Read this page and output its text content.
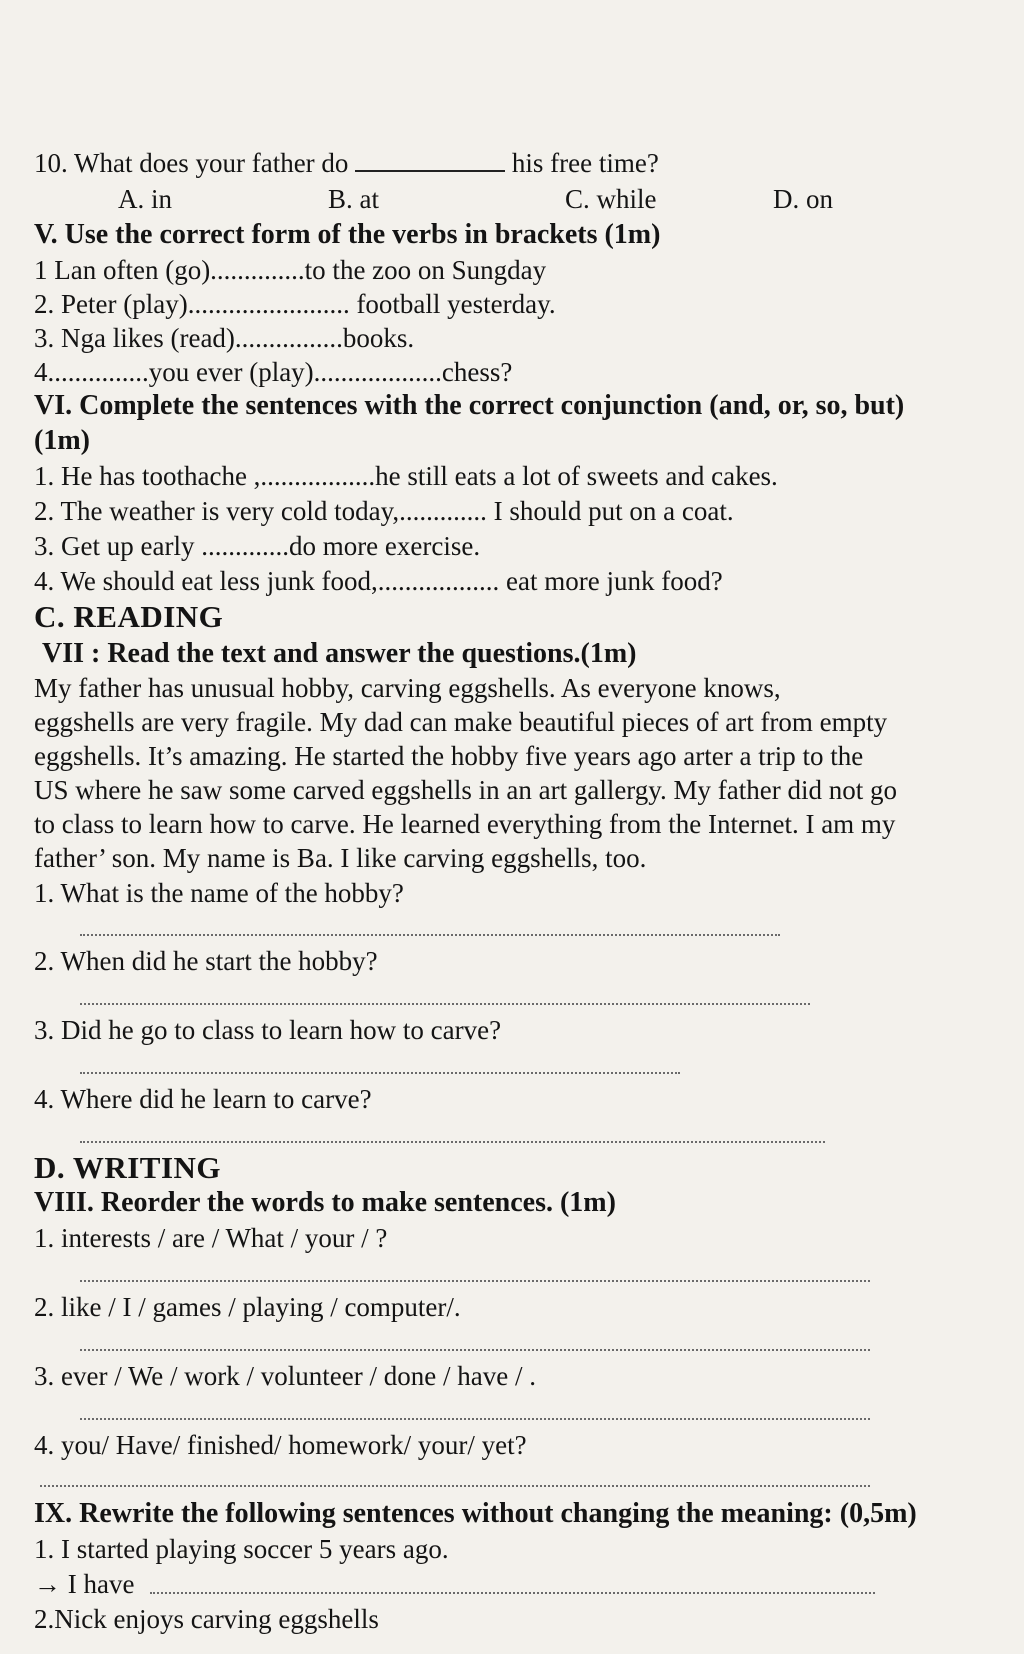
10. What does your father do	his free time?
A. in	B. at	C. while	D. on
V. Use the correct form of the verbs in brackets (1m)
1 Lan often (go)..............to the zoo on Sungday
2. Peter (play)........................ football yesterday.
3. Nga likes (read)................books.
4...............you ever (play)...................chess?
VI. Complete the sentences with the correct conjunction (and, or, so, but)
(1m)
1. He has toothache ,.................he still eats a lot of sweets and cakes.
2. The weather is very cold today,............. I should put on a coat.
3. Get up early .............do more exercise.
4. We should eat less junk food,.................. eat more junk food?
C. READING
VII : Read the text and answer the questions.(1m)
My father has unusual hobby, carving eggshells. As everyone knows,
eggshells are very fragile. My dad can make beautiful pieces of art from empty
eggshells. It’s amazing. He started the hobby five years ago arter a trip to the
US where he saw some carved eggshells in an art gallergy. My father did not go
to class to learn how to carve. He learned everything from the Internet. I am my
father’ son. My name is Ba. I like carving eggshells, too.
1. What is the name of the hobby?
2. When did he start the hobby?
3. Did he go to class to learn how to carve?
4. Where did he learn to carve?
D. WRITING
VIII. Reorder the words to make sentences. (1m)
1. interests / are / What / your / ?
2. like / I / games / playing / computer/.
3. ever / We / work / volunteer / done / have / .
4. you/ Have/ finished/ homework/ your/ yet?
IX. Rewrite the following sentences without changing the meaning: (0,5m)
1. I started playing soccer 5 years ago.
→ I have
2.Nick enjoys carving eggshells
